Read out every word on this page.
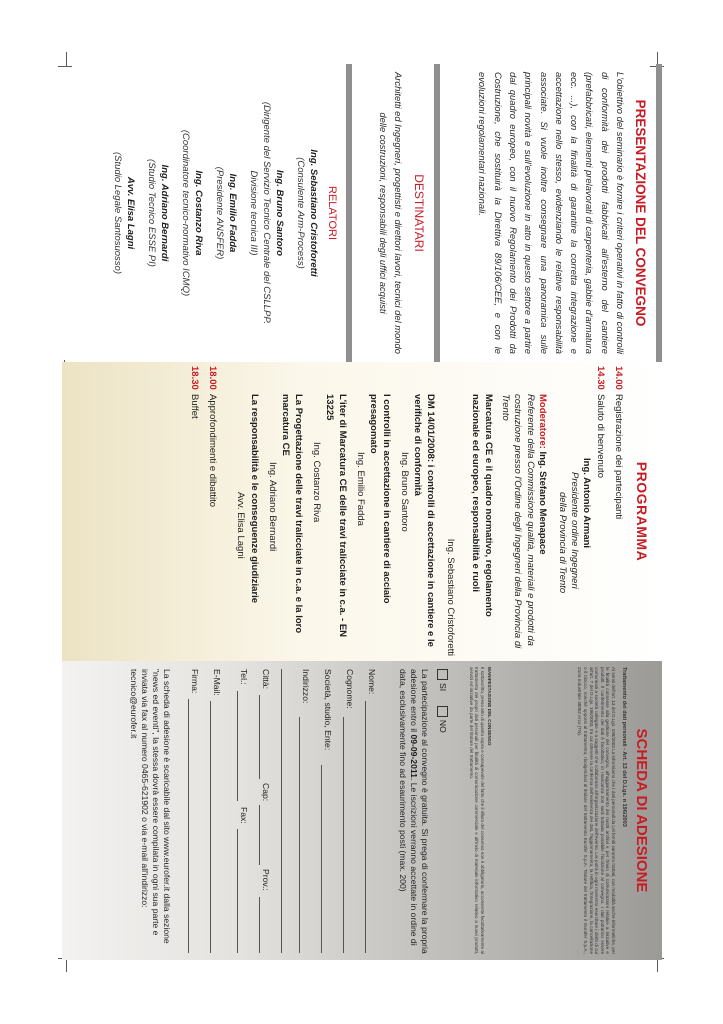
PRESENTAZIONE DEL CONVEGNO
L'obiettivo del seminario è fornire i criteri operativi in fatto di controlli di conformità dei prodotti fabbricati all'esterno del cantiere (prefabbricati, elementi prelavorati di carpenteria, gabbie d'armatura ecc. ...), con la finalità di garantire la corretta integrazione e accettazione nello stesso, evidenziando le relative responsabilità associate. Si vuole inoltre consegnare una panoramica sulle principali novità e sull'evoluzione in atto in questo settore a partire dal quadro europeo, con il nuovo Regolamento dei Prodotti da Costruzione, che sostituirà la Direttiva 89/106/CEE, e con le evoluzioni regolamentari nazionali.
DESTINATARI
Architetti ed Ingegneri, progettisti e direttori lavori, tecnici del mondo delle costruzioni, responsabili degli uffici acquisti
RELATORI
Ing. Sebastiano Cristoforetti
(Consulente Arm-Process)
Ing. Bruno Santoro
(Dirigente del Servizio Tecnico Centrale del CSLLPP. Divisione tecnica III)
Ing. Emilio Fadda
(Presidente ANSFER)
Ing. Costanzo Riva
(Coordinatore tecnico-normativo ICMQ)
Ing. Adriano Bernardi
(Studio Tecnico ESSE PI)
Avv. Elisa Lagni
(Studio Legale Santosuosso)
PROGRAMMA
14.00
Registrazione dei partecipanti
14.30
Saluto di benvenuto
Ing. Antonio Armani
Presidente ordine Ingegneri
della Provincia di Trento
Moderatore: Ing. Stefano Menapace
Referente della Commissione qualità, materiali e prodotti da costruzione presso l'Ordine degli Ingegneri della Provincia di Trento
Marcatura CE e il quadro normativo, regolamento nazionale ed europeo, responsabilità e ruoli
Ing. Sebastiano Cristoforetti
DM 14/01/2008: i controlli di accettazione in cantiere e le verifiche di conformità
Ing. Bruno Santoro
I controlli in accettazione in cantiere di acciaio presagomato
Ing. Emilio Fadda
L'iter di Marcatura CE delle travi tralicciate in c.a. - EN 13225
Ing. Costanzo Riva
La Progettazione delle travi tralicciate in c.a. e la loro marcatura CE
Ing. Adriano Bernardi
La responsabilità e le conseguenze giudiziarie
Avv. Elisa Lagni
18.00
Approfondimenti e dibattito
18.30
Buffet
SCHEDA DI ADESIONE
Trattamento dei dati personali - Art. 13 del D.Lgs. n 196/2003
Ai sensi dell'art. 13 del D.Lgs. 196/2003 La informiamo che i dati personali da Lei forniti saranno trattati, con modalità anche informatiche, per le finalità connesse alla gestione del convegno, all'aggiornamento dei nostri archivi e per l'invio di comunicazioni relative a iniziative e prodotti. Il conferimento dei dati è facoltativo; in mancanza non sarà tuttavia possibile l'iscrizione al convegno. I dati potranno essere comunicati a società collegate e a soggetti che collaborano all'organizzazione dell'evento. Lei potrà in ogni momento esercitare i diritti di cui all'art. 7 del D.Lgs. 196/2003, tra cui ottenere la conferma dell'esistenza dei dati, l'aggiornamento, la rettifica, l'integrazione, la cancellazione o il blocco, nonché opporsi al trattamento, rivolgendosi al titolare del trattamento Eurofer S.p.A. Titolare del trattamento è Eurofer S.p.A., Zona Industriale 38062 Arco (TN).
MANIFESTAZIONE DEL CONSENSO
Il sottoscritto, preso atto di quanto sopra e consapevole del fatto che il rifiuto del consenso non è obbligatorio, acconsente facoltativamente al trattamento dei propri dati personali per finalità di comunicazione commerciale e all'invio di materiale informativo relativo a nuovi prodotti, servizi ed iniziative da parte del titolare del trattamento.
SI  NO
La partecipazione al convegno è gratuita. Si prega di confermare la propria adesione entro il 09-09-2011. Le iscrizioni verranno accettate in ordine di data, esclusivamente fino ad esaurimento posti (max. 200)
Nome:
Cognome:
Società, studio, Ente:
Indirizzo:
Città:
Cap:
Prov.:
Tel.:
Fax:
E-Mail:
Firma:
La scheda di adesione è scaricabile dal sito www.eurofer.it dalla sezione "news ed eventi", la stessa dovrà essere compilata in ogni sua parte e inviata via fax al numero 0465-621902 o via e-mail all'indirizzo: tecnico@eurofer.it
